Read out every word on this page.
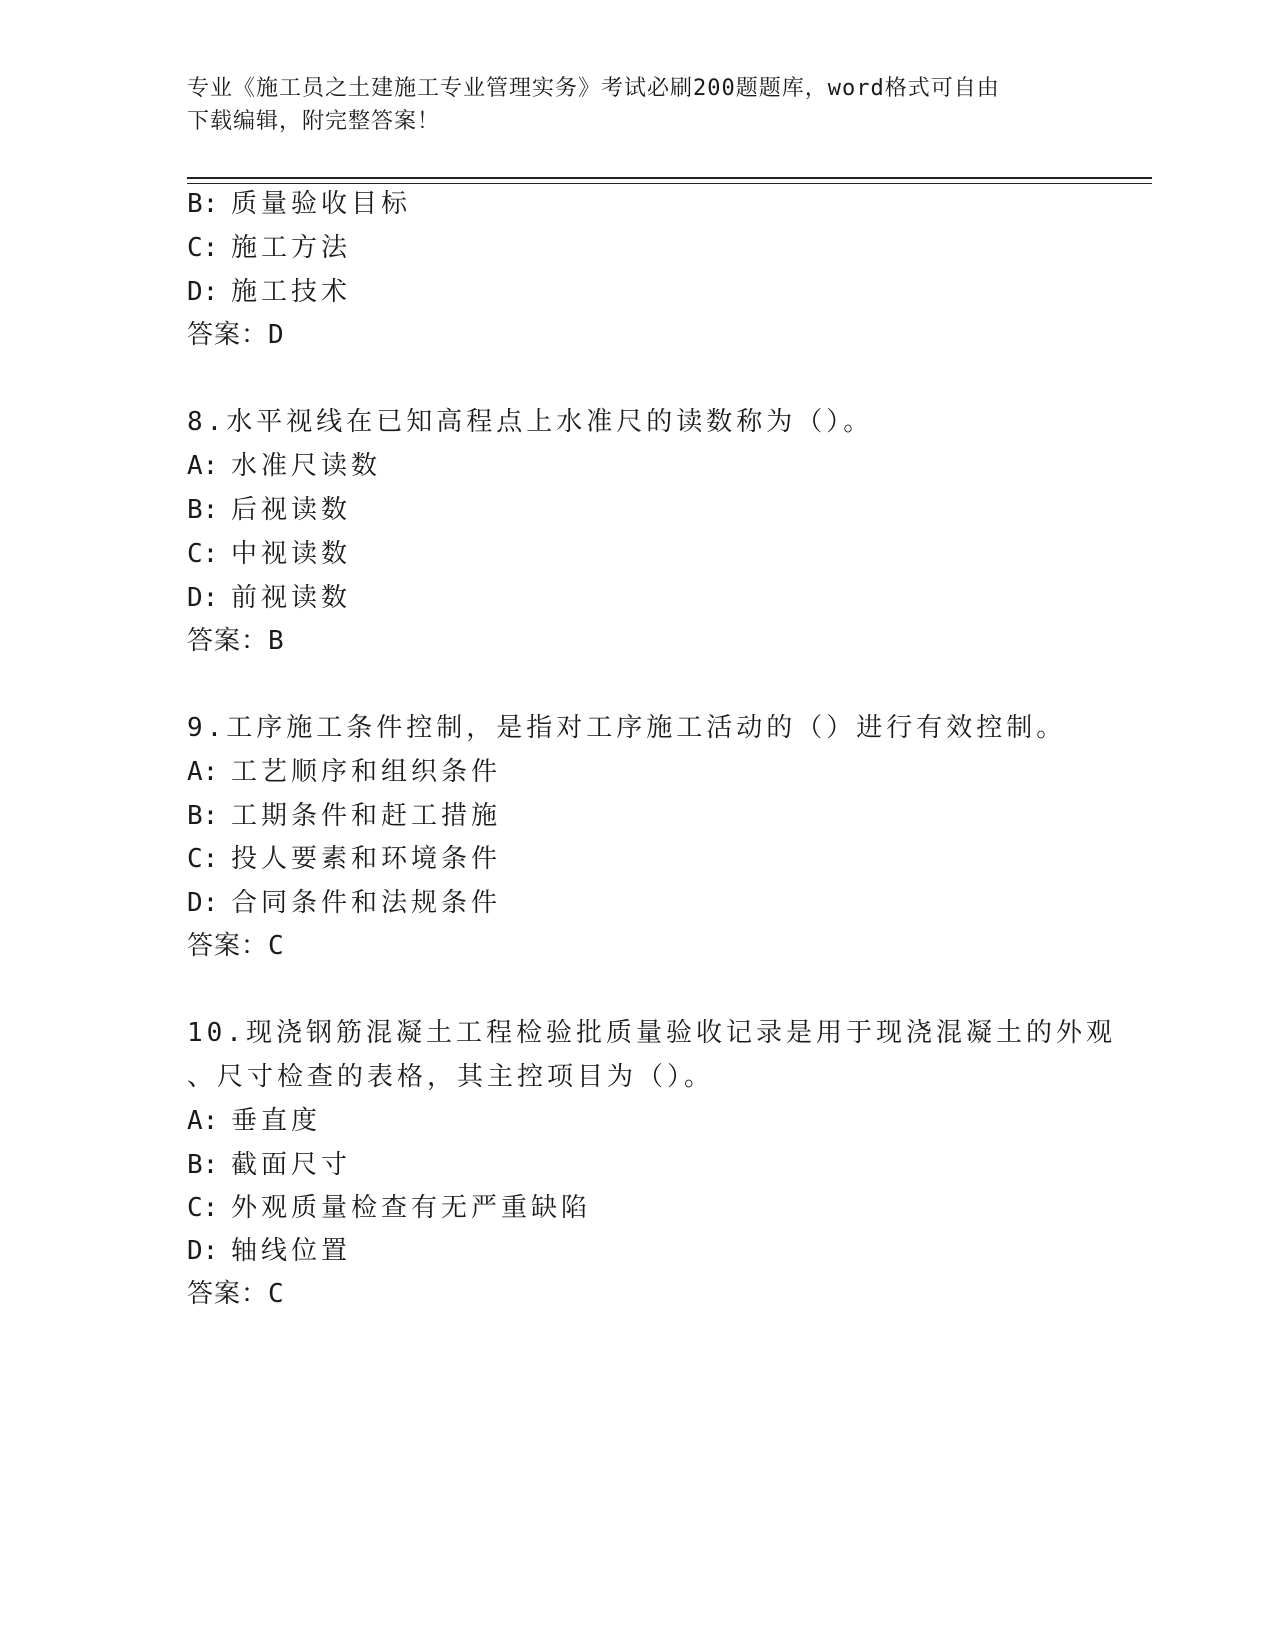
专业《施工员之土建施工专业管理实务》考试必刷200题题库，word格式可自由
下载编辑，附完整答案！
B: 质量验收目标
C: 施工方法
D: 施工技术
答案：D
8.水平视线在已知高程点上水准尺的读数称为（）。
A: 水准尺读数
B: 后视读数
C: 中视读数
D: 前视读数
答案：B
9.工序施工条件控制，是指对工序施工活动的（）进行有效控制。
A: 工艺顺序和组织条件
B: 工期条件和赶工措施
C: 投人要素和环境条件
D: 合同条件和法规条件
答案：C
10.现浇钢筋混凝土工程检验批质量验收记录是用于现浇混凝土的外观
、尺寸检查的表格，其主控项目为（）。
A: 垂直度
B: 截面尺寸
C: 外观质量检查有无严重缺陷
D: 轴线位置
答案：C
